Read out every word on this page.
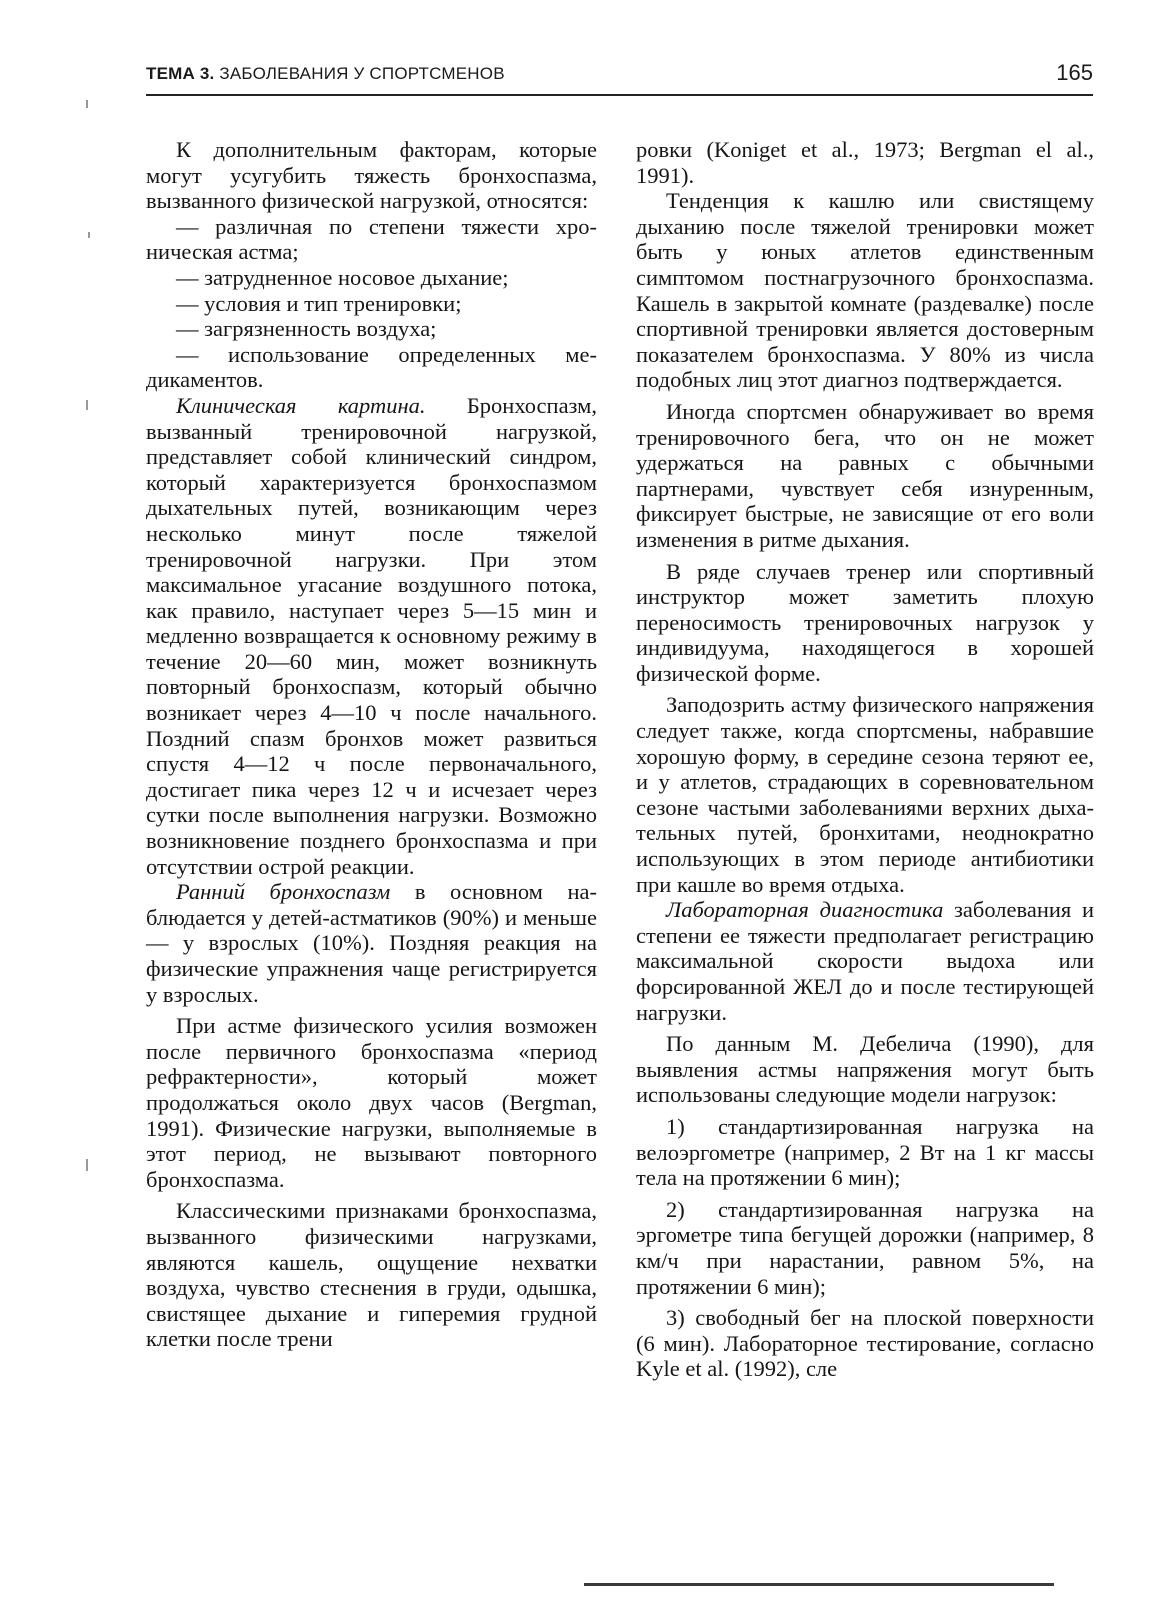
ТЕМА 3. ЗАБОЛЕВАНИЯ У СПОРТСМЕНОВ	165

К дополнительным факторам, которые могут усугубить тяжесть бронхоспазма, вызванного физической нагрузкой, относятся:

— различная по степени тяжести хроническая астма;

— затрудненное носовое дыхание;

— условия и тип тренировки;

— загрязненность воздуха;

— использование определенных медикаментов.

Клиническая картина. Бронхоспазм, вызванный тренировочной нагрузкой, представляет собой клинический синдром, который характеризуется бронхоспазмом дыхательных путей, возникающим через несколько минут после тяжелой тренировочной нагрузки. При этом максимальное угасание воздушного потока, как правило, наступает через 5—15 мин и медленно возвращается к основному режиму в течение 20—60 мин, может возникнуть повторный бронхоспазм, который обычно возникает через 4—10 ч после начального. Поздний спазм бронхов может развиться спустя 4—12 ч после первоначального, достигает пика через 12 ч и исчезает через сутки после выполнения нагрузки. Возможно возникновение позднего бронхоспазма и при отсутствии острой реакции.

Ранний бронхоспазм в основном наблюдается у детей-астматиков (90%) и меньше — у взрослых (10%). Поздняя реакция на физические упражнения чаще регистрируется у взрослых.

При астме физического усилия возможен после первичного бронхоспазма «период рефрактерности», который может продолжаться около двух часов (Bergman, 1991). Физические нагрузки, выполняемые в этот период, не вызывают повторного бронхоспазма.

Классическими признаками бронхоспазма, вызванного физическими нагрузками, являются кашель, ощущение нехватки воздуха, чувство стеснения в груди, одышка, свистящее дыхание и гиперемия грудной клетки после трени

ровки (Koniget et al., 1973; Bergman el al., 1991).

Тенденция к кашлю или свистящему дыханию после тяжелой тренировки может быть у юных атлетов единственным симптомом постнагрузочного бронхоспазма. Кашель в закрытой комнате (раздевалке) после спортивной тренировки является достоверным показателем бронхоспазма. У 80% из числа подобных лиц этот диагноз подтверждается.

Иногда спортсмен обнаруживает во время тренировочного бега, что он не может удержаться на равных с обычными партнерами, чувствует себя изнуренным, фиксирует быстрые, не зависящие от его воли изменения в ритме дыхания.

В ряде случаев тренер или спортивный инструктор может заметить плохую переносимость тренировочных нагрузок у индивидуума, находящегося в хорошей физической форме.

Заподозрить астму физического напряжения следует также, когда спортсмены, набравшие хорошую форму, в середине сезона теряют ее, и у атлетов, страдающих в соревновательном сезоне частыми заболеваниями верхних дыхательных путей, бронхитами, неоднократно использующих в этом периоде антибиотики при кашле во время отдыха.

Лабораторная диагностика заболевания и степени ее тяжести предполагает регистрацию максимальной скорости выдоха или форсированной ЖЕЛ до и после тестирующей нагрузки.

По данным М. Дебелича (1990), для выявления астмы напряжения могут быть использованы следующие модели нагрузок:

1) стандартизированная нагрузка на велоэргометре (например, 2 Вт на 1 кг массы тела на протяжении 6 мин);

2) стандартизированная нагрузка на эргометре типа бегущей дорожки (например, 8 км/ч при нарастании, равном 5%, на протяжении 6 мин);

3) свободный бег на плоской поверхности (6 мин). Лабораторное тестирование, согласно Kyle et al. (1992), сле
